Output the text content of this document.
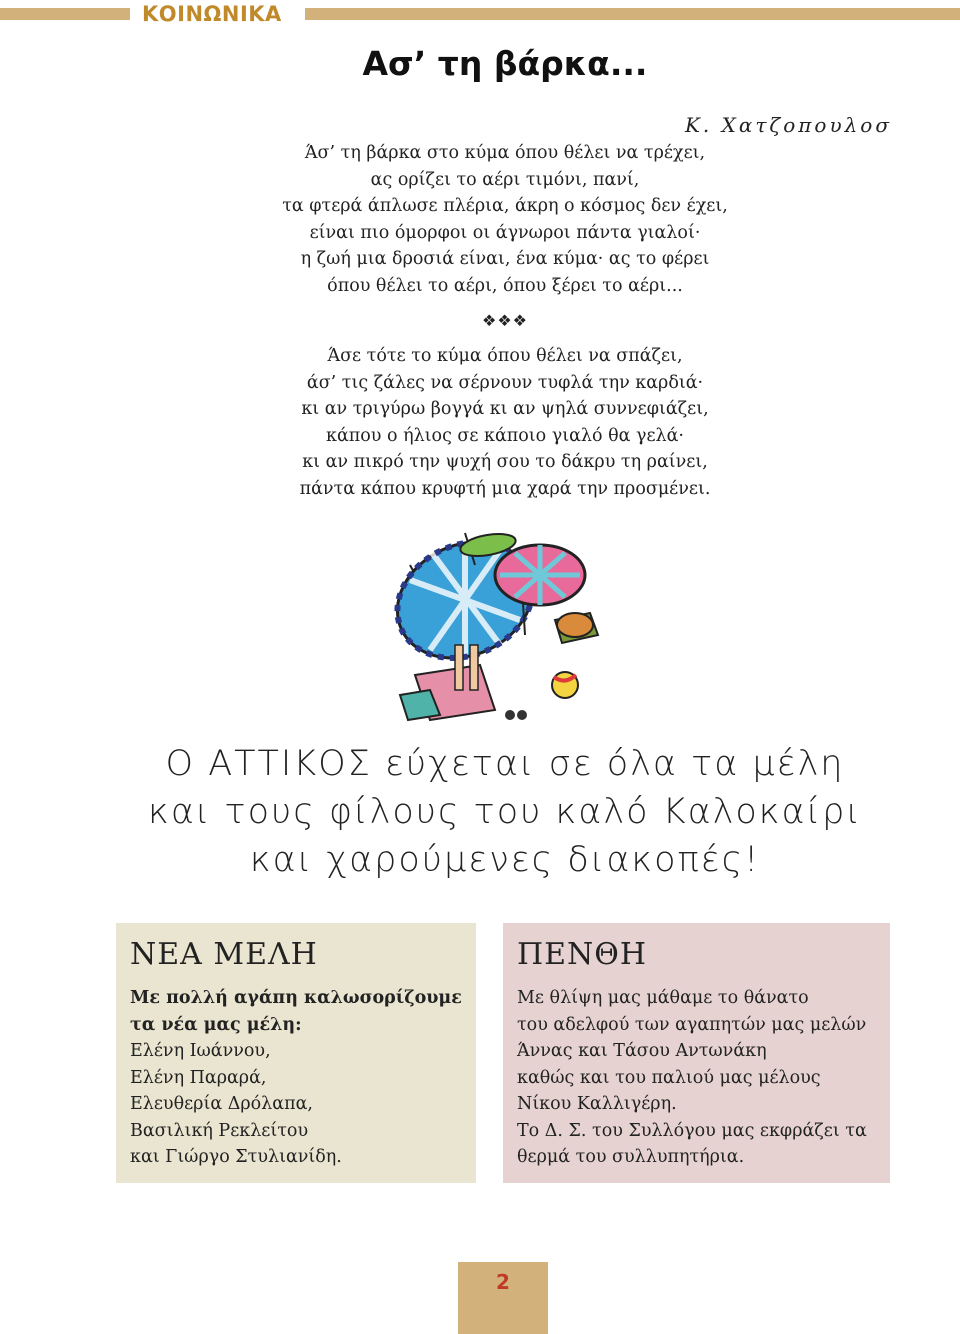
ΚΟΙΝΩΝΙΚΑ
Ασ’ τη βάρκα...
Κ. Χατζοπουλοσ
Άσ’ τη βάρκα στο κύμα όπου θέλει να τρέχει,
ας ορίζει το αέρι τιμόνι, πανί,
τα φτερά άπλωσε πλέρια, άκρη ο κόσμος δεν έχει,
είναι πιο όμορφοι οι άγνωροι πάντα γιαλοί·
η ζωή μια δροσιά είναι, ένα κύμα· ας το φέρει
όπου θέλει το αέρι, όπου ξέρει το αέρι...
❖❖❖
Άσε τότε το κύμα όπου θέλει να σπάζει,
άσ’ τις ζάλες να σέρνουν τυφλά την καρδιά·
κι αν τριγύρω βογγά κι αν ψηλά συννεφιάζει,
κάπου ο ήλιος σε κάποιο γιαλό θα γελά·
κι αν πικρό την ψυχή σου το δάκρυ τη ραίνει,
πάντα κάπου κρυφτή μια χαρά την προσμένει.
Ο ΑΤΤΙΚΟΣ εύχεται σε όλα τα μέλη
και τους φίλους του καλό Καλοκαίρι
και χαρούμενες διακοπές!
ΝΕΑ ΜΕΛΗ
Με πολλή αγάπη καλωσορίζουμε
τα νέα μας μέλη:
Ελένη Ιωάννου,
Ελένη Παραρά,
Ελευθερία Δρόλαπα,
Βασιλική Ρεκλείτου
και Γιώργο Στυλιανίδη.
ΠΕΝΘΗ
Με θλίψη μας μάθαμε το θάνατο
του αδελφού των αγαπητών μας μελών
Άννας και Τάσου Αντωνάκη
καθώς και του παλιού μας μέλους
Νίκου Καλλιγέρη.
Το Δ. Σ. του Συλλόγου μας εκφράζει τα
θερμά του συλλυπητήρια.
2
